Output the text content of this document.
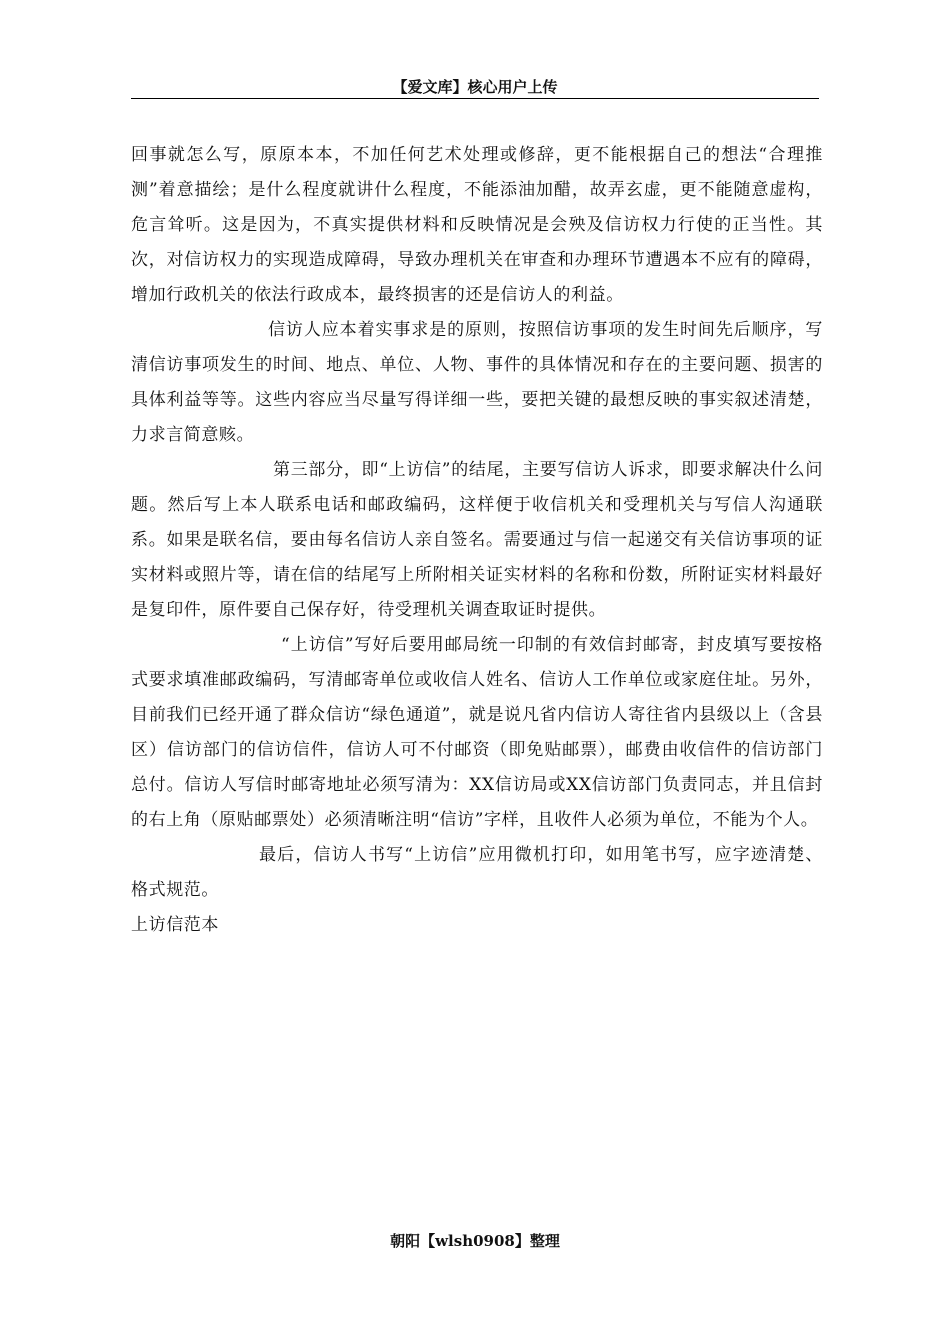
【爱文库】核心用户上传

回事就怎么写，原原本本，不加任何艺术处理或修辞，更不能根据自己的想法“合理推测”着意描绘；是什么程度就讲什么程度，不能添油加醋，故弄玄虚，更不能随意虚构，危言耸听。这是因为，不真实提供材料和反映情况是会殃及信访权力行使的正当性。其次，对信访权力的实现造成障碍，导致办理机关在审查和办理环节遭遇本不应有的障碍，增加行政机关的依法行政成本，最终损害的还是信访人的利益。

信访人应本着实事求是的原则，按照信访事项的发生时间先后顺序，写清信访事项发生的时间、地点、单位、人物、事件的具体情况和存在的主要问题、损害的具体利益等等。这些内容应当尽量写得详细一些，要把关键的最想反映的事实叙述清楚，力求言简意赅。

第三部分，即“上访信”的结尾，主要写信访人诉求，即要求解决什么问题。然后写上本人联系电话和邮政编码，这样便于收信机关和受理机关与写信人沟通联系。如果是联名信，要由每名信访人亲自签名。需要通过与信一起递交有关信访事项的证实材料或照片等，请在信的结尾写上所附相关证实材料的名称和份数，所附证实材料最好是复印件，原件要自己保存好，待受理机关调查取证时提供。

“上访信”写好后要用邮局统一印制的有效信封邮寄，封皮填写要按格式要求填准邮政编码，写清邮寄单位或收信人姓名、信访人工作单位或家庭住址。另外，目前我们已经开通了群众信访“绿色通道”，就是说凡省内信访人寄往省内县级以上（含县区）信访部门的信访信件，信访人可不付邮资（即免贴邮票），邮费由收信件的信访部门总付。信访人写信时邮寄地址必须写清为：XX信访局或XX信访部门负责同志，并且信封的右上角（原贴邮票处）必须清晰注明“信访”字样，且收件人必须为单位，不能为个人。

最后，信访人书写“上访信”应用微机打印，如用笔书写，应字迹清楚、格式规范。

上访信范本

朝阳【wlsh0908】整理
